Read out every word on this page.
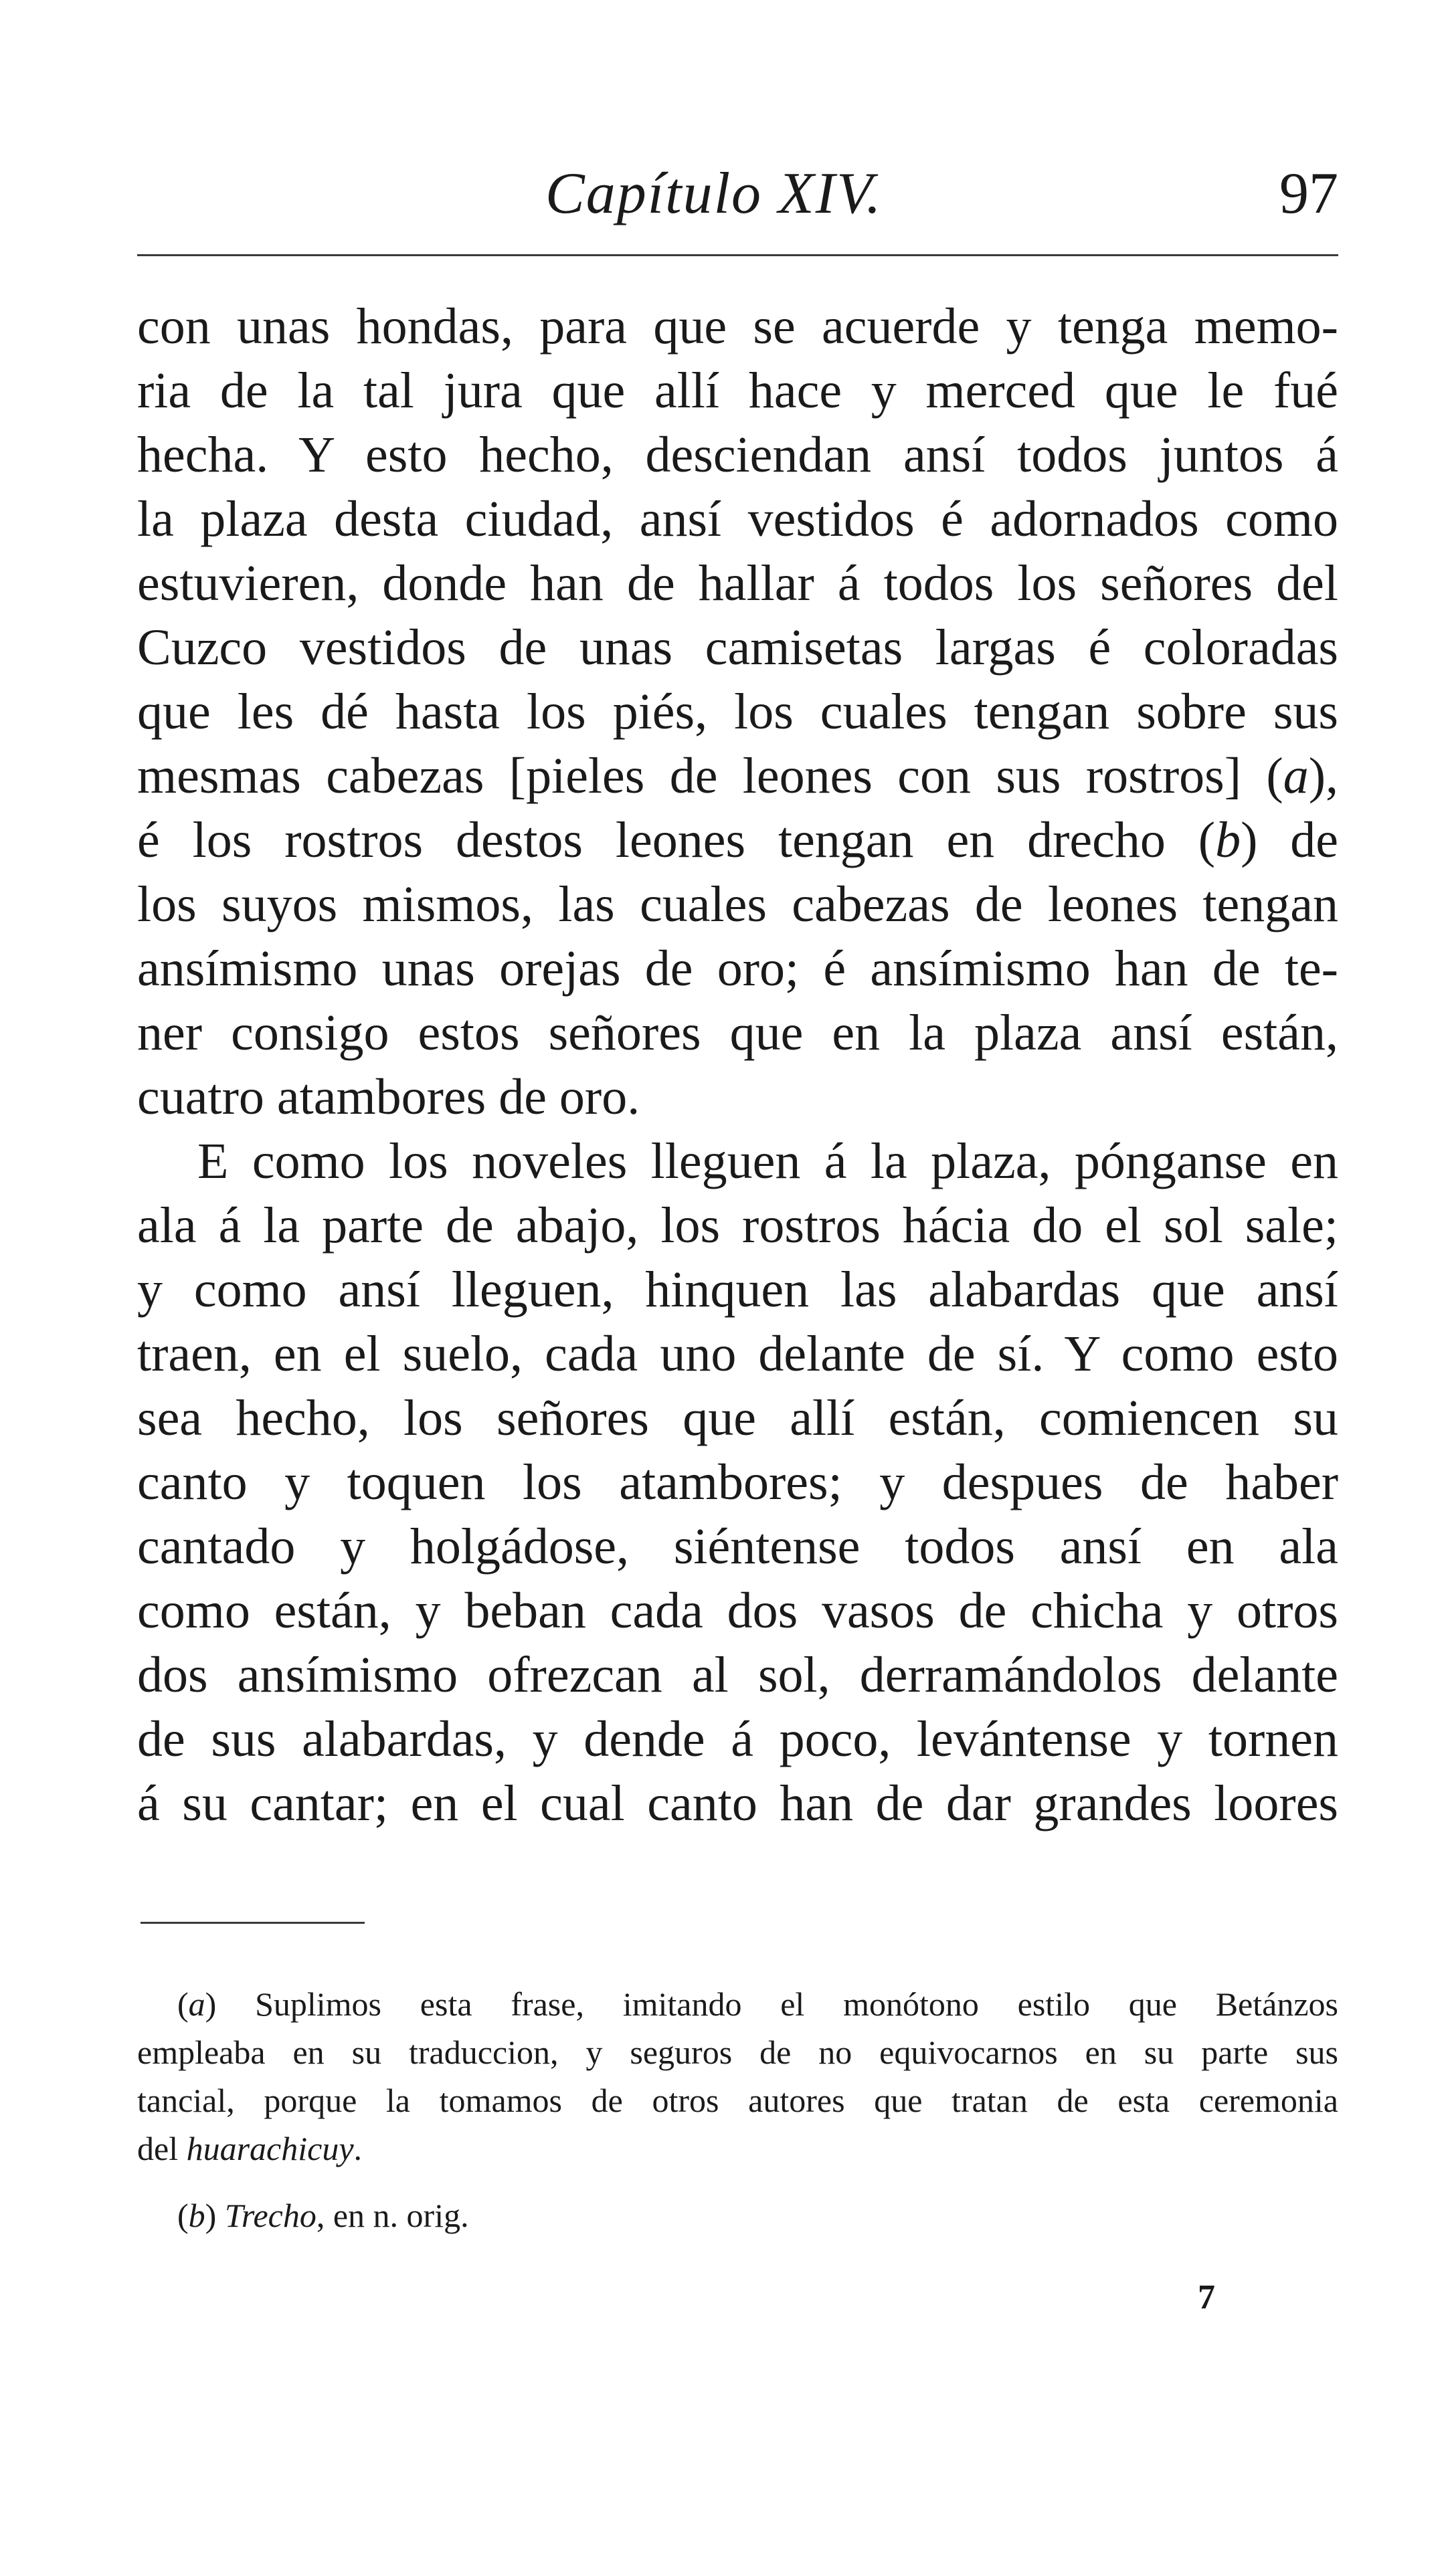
Capítulo XIV.	97
con unas hondas, para que se acuerde y tenga memo-
ria de la tal jura que allí hace y merced que le fué
hecha. Y esto hecho, desciendan ansí todos juntos á
la plaza desta ciudad, ansí vestidos é adornados como
estuvieren, donde han de hallar á todos los señores del
Cuzco vestidos de unas camisetas largas é coloradas
que les dé hasta los piés, los cuales tengan sobre sus
mesmas cabezas [pieles de leones con sus rostros] (a),
é los rostros destos leones tengan en drecho (b) de
los suyos mismos, las cuales cabezas de leones tengan
ansímismo unas orejas de oro; é ansímismo han de te-
ner consigo estos señores que en la plaza ansí están,
cuatro atambores de oro.
E como los noveles lleguen á la plaza, pónganse en
ala á la parte de abajo, los rostros hácia do el sol sale;
y como ansí lleguen, hinquen las alabardas que ansí
traen, en el suelo, cada uno delante de sí. Y como esto
sea hecho, los señores que allí están, comiencen su
canto y toquen los atambores; y despues de haber
cantado y holgádose, siéntense todos ansí en ala
como están, y beban cada dos vasos de chicha y otros
dos ansímismo ofrezcan al sol, derramándolos delante
de sus alabardas, y dende á poco, levántense y tornen
á su cantar; en el cual canto han de dar grandes loores
(a) Suplimos esta frase, imitando el monótono estilo que Betánzos
empleaba en su traduccion, y seguros de no equivocarnos en su parte sus
tancial, porque la tomamos de otros autores que tratan de esta ceremonia
del huarachicuy.
(b) Trecho, en n. orig.
7
